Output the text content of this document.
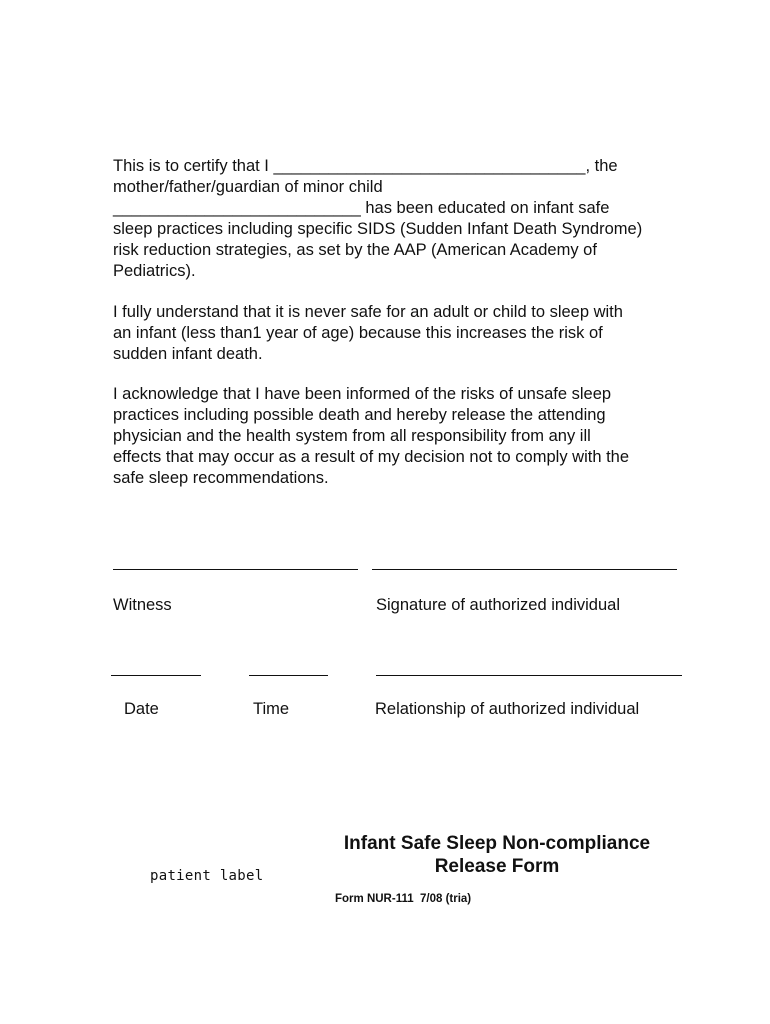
This is to certify that I __________________________________, the
mother/father/guardian of minor child
___________________________ has been educated on infant safe
sleep practices including specific SIDS (Sudden Infant Death Syndrome)
risk reduction strategies, as set by the AAP (American Academy of
Pediatrics).
I fully understand that it is never safe for an adult or child to sleep with
an infant (less than1 year of age) because this increases the risk of
sudden infant death.
I acknowledge that I have been informed of the risks of unsafe sleep
practices including possible death and hereby release the attending
physician and the health system from all responsibility from any ill
effects that may occur as a result of my decision not to comply with the
safe sleep recommendations.
Witness	Signature of authorized individual
Date	Time	Relationship of authorized individual
Infant Safe Sleep Non-compliance
Release Form
patient label
Form NUR-111  7/08 (tria)
